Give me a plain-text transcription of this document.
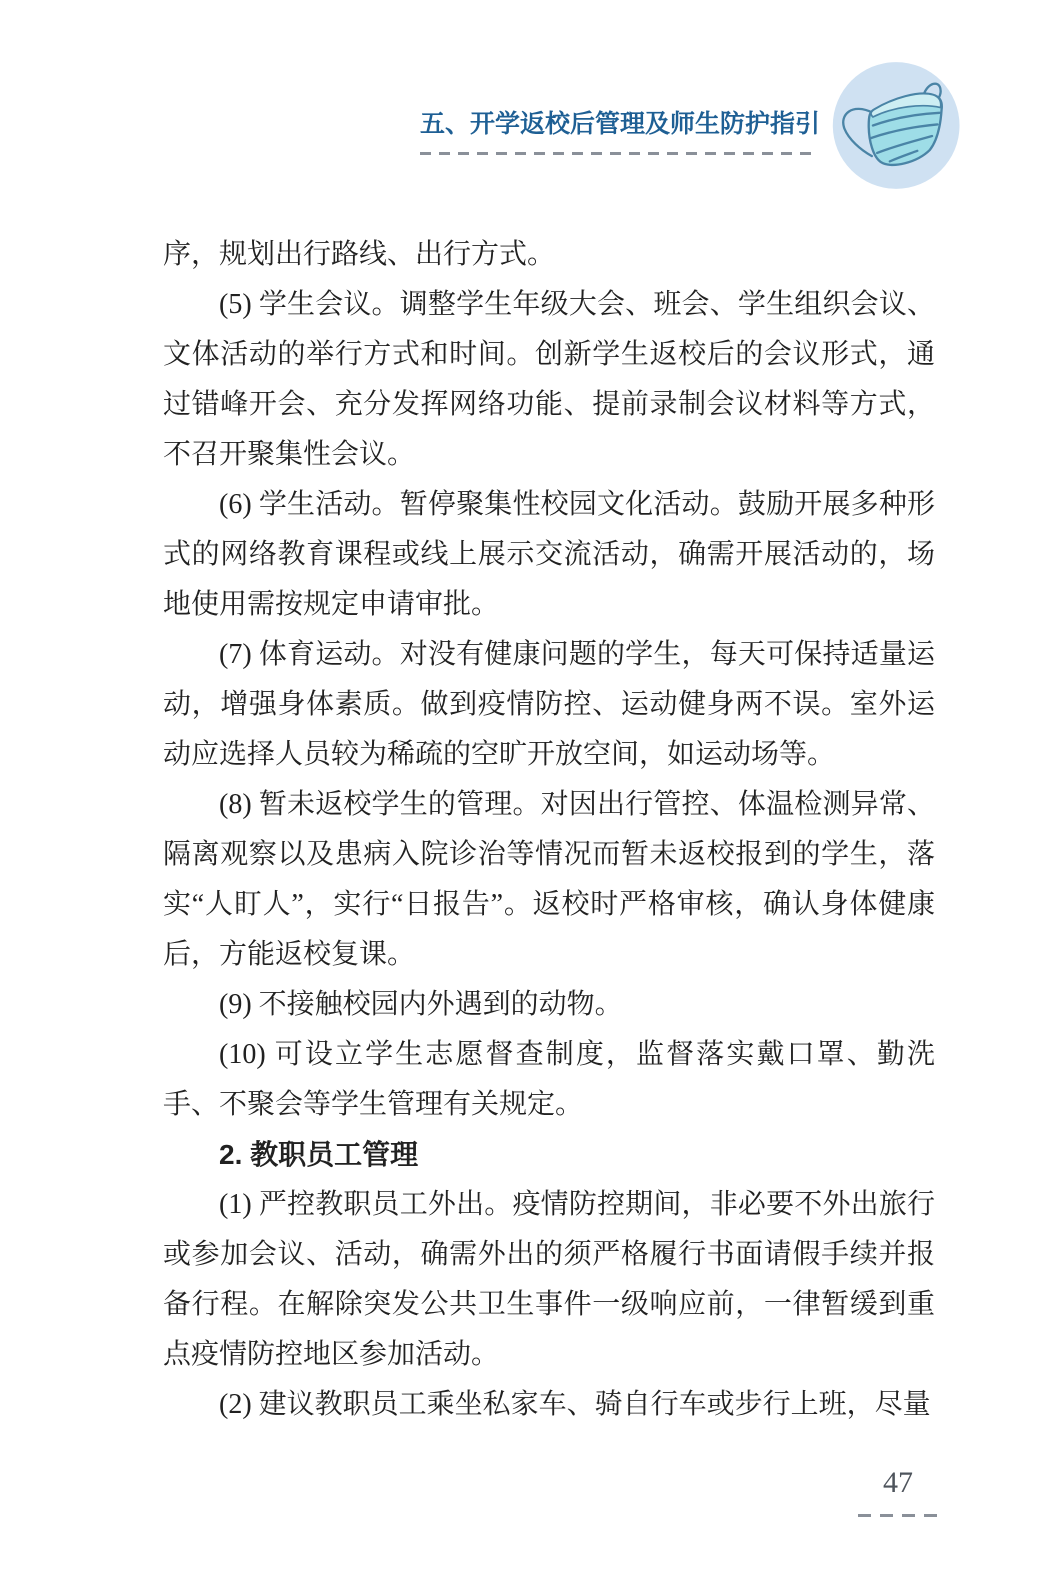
五、开学返校后管理及师生防护指引

序，规划出行路线、出行方式。

(5) 学生会议。调整学生年级大会、班会、学生组织会议、文体活动的举行方式和时间。创新学生返校后的会议形式，通过错峰开会、充分发挥网络功能、提前录制会议材料等方式，不召开聚集性会议。

(6) 学生活动。暂停聚集性校园文化活动。鼓励开展多种形式的网络教育课程或线上展示交流活动，确需开展活动的，场地使用需按规定申请审批。

(7) 体育运动。对没有健康问题的学生，每天可保持适量运动，增强身体素质。做到疫情防控、运动健身两不误。室外运动应选择人员较为稀疏的空旷开放空间，如运动场等。

(8) 暂未返校学生的管理。对因出行管控、体温检测异常、隔离观察以及患病入院诊治等情况而暂未返校报到的学生，落实“人盯人”，实行“日报告”。返校时严格审核，确认身体健康后，方能返校复课。

(9) 不接触校园内外遇到的动物。

(10) 可设立学生志愿督查制度，监督落实戴口罩、勤洗手、不聚会等学生管理有关规定。

2. 教职员工管理

(1) 严控教职员工外出。疫情防控期间，非必要不外出旅行或参加会议、活动，确需外出的须严格履行书面请假手续并报备行程。在解除突发公共卫生事件一级响应前，一律暂缓到重点疫情防控地区参加活动。

(2) 建议教职员工乘坐私家车、骑自行车或步行上班，尽量

47
